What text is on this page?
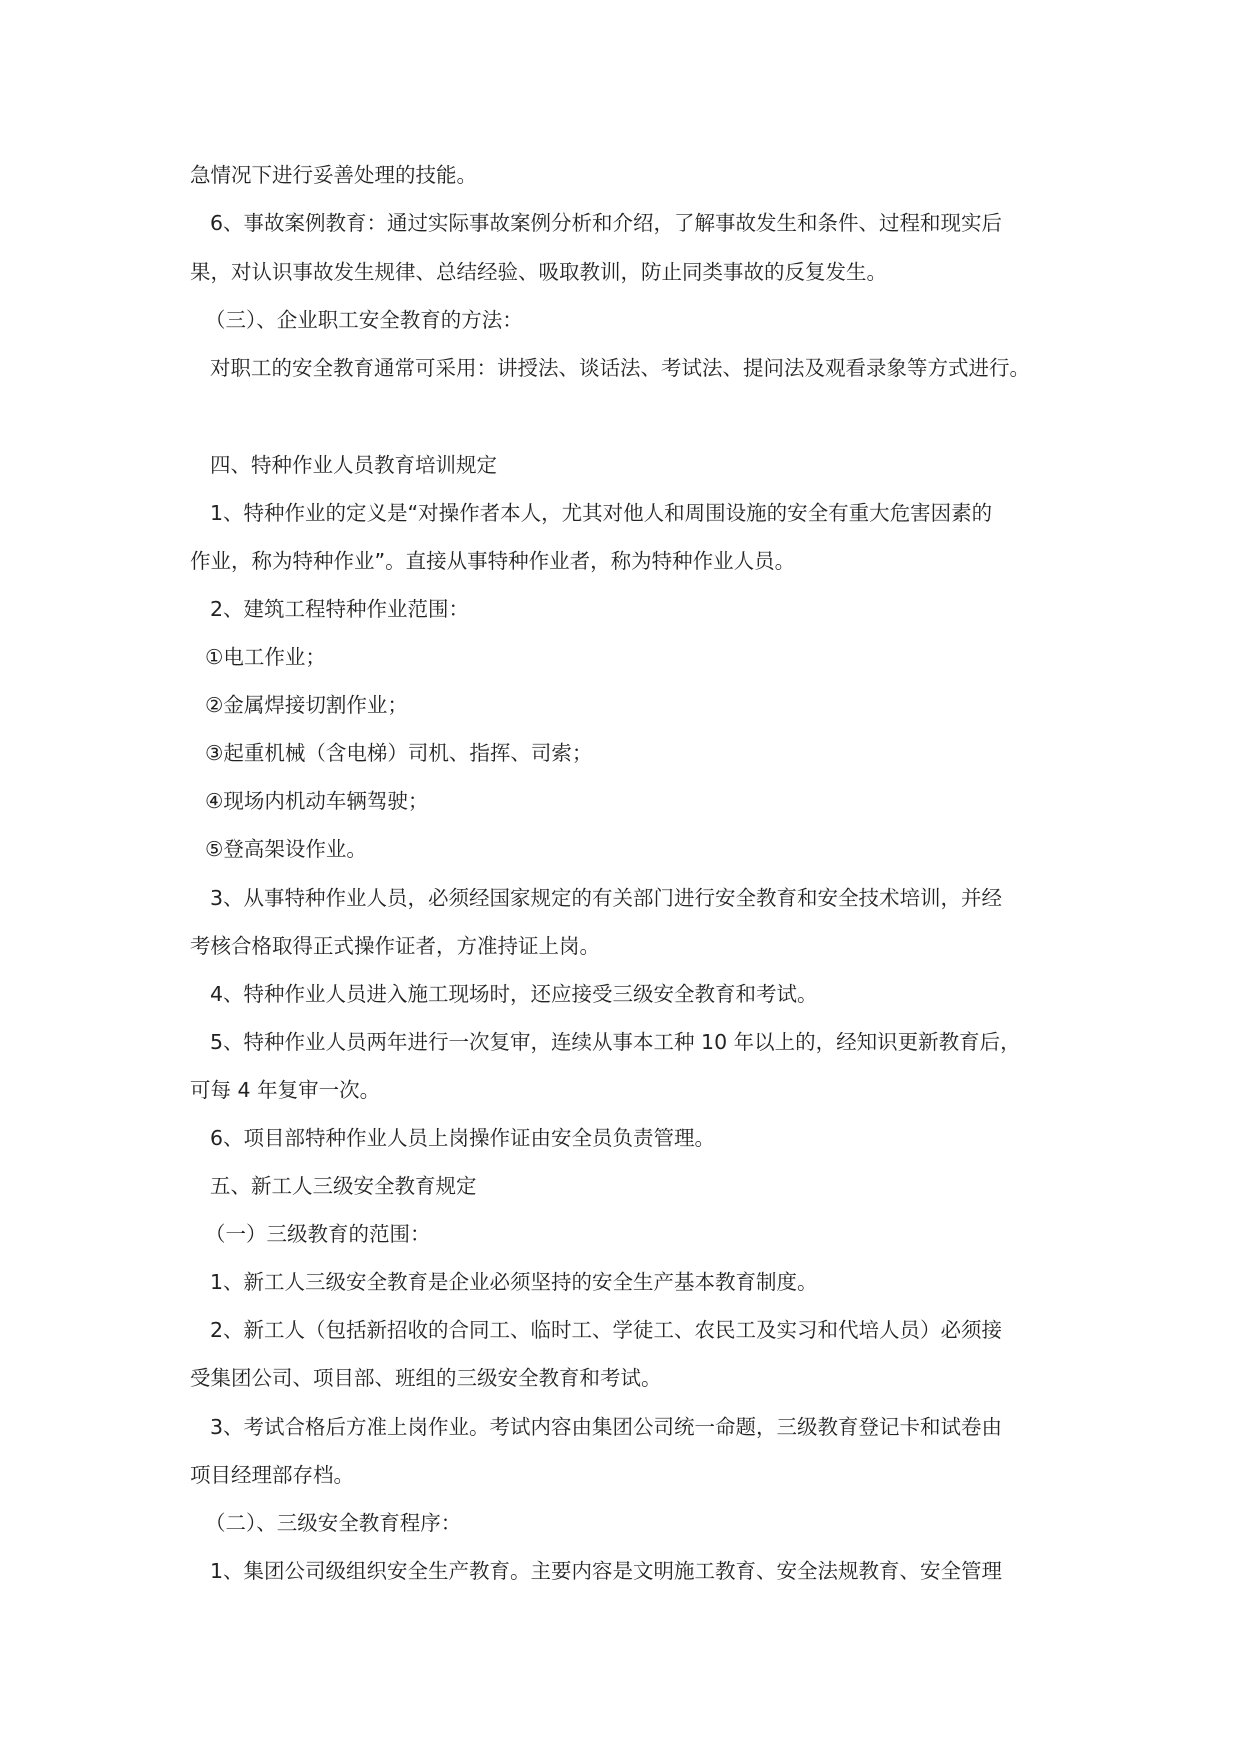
急情况下进行妥善处理的技能。
6、事故案例教育：通过实际事故案例分析和介绍，了解事故发生和条件、过程和现实后
果，对认识事故发生规律、总结经验、吸取教训，防止同类事故的反复发生。
（三）、企业职工安全教育的方法：
对职工的安全教育通常可采用：讲授法、谈话法、考试法、提问法及观看录象等方式进行。
四、特种作业人员教育培训规定
1、特种作业的定义是“对操作者本人，尤其对他人和周围设施的安全有重大危害因素的
作业，称为特种作业”。直接从事特种作业者，称为特种作业人员。
2、建筑工程特种作业范围：
①电工作业；
②金属焊接切割作业；
③起重机械（含电梯）司机、指挥、司索；
④现场内机动车辆驾驶；
⑤登高架设作业。
3、从事特种作业人员，必须经国家规定的有关部门进行安全教育和安全技术培训，并经
考核合格取得正式操作证者，方准持证上岗。
4、特种作业人员进入施工现场时，还应接受三级安全教育和考试。
5、特种作业人员两年进行一次复审，连续从事本工种 10 年以上的，经知识更新教育后，
可每 4 年复审一次。
6、项目部特种作业人员上岗操作证由安全员负责管理。
五、新工人三级安全教育规定
（一）三级教育的范围：
1、新工人三级安全教育是企业必须坚持的安全生产基本教育制度。
2、新工人（包括新招收的合同工、临时工、学徒工、农民工及实习和代培人员）必须接
受集团公司、项目部、班组的三级安全教育和考试。
3、考试合格后方准上岗作业。考试内容由集团公司统一命题，三级教育登记卡和试卷由
项目经理部存档。
（二）、三级安全教育程序：
1、集团公司级组织安全生产教育。主要内容是文明施工教育、安全法规教育、安全管理
